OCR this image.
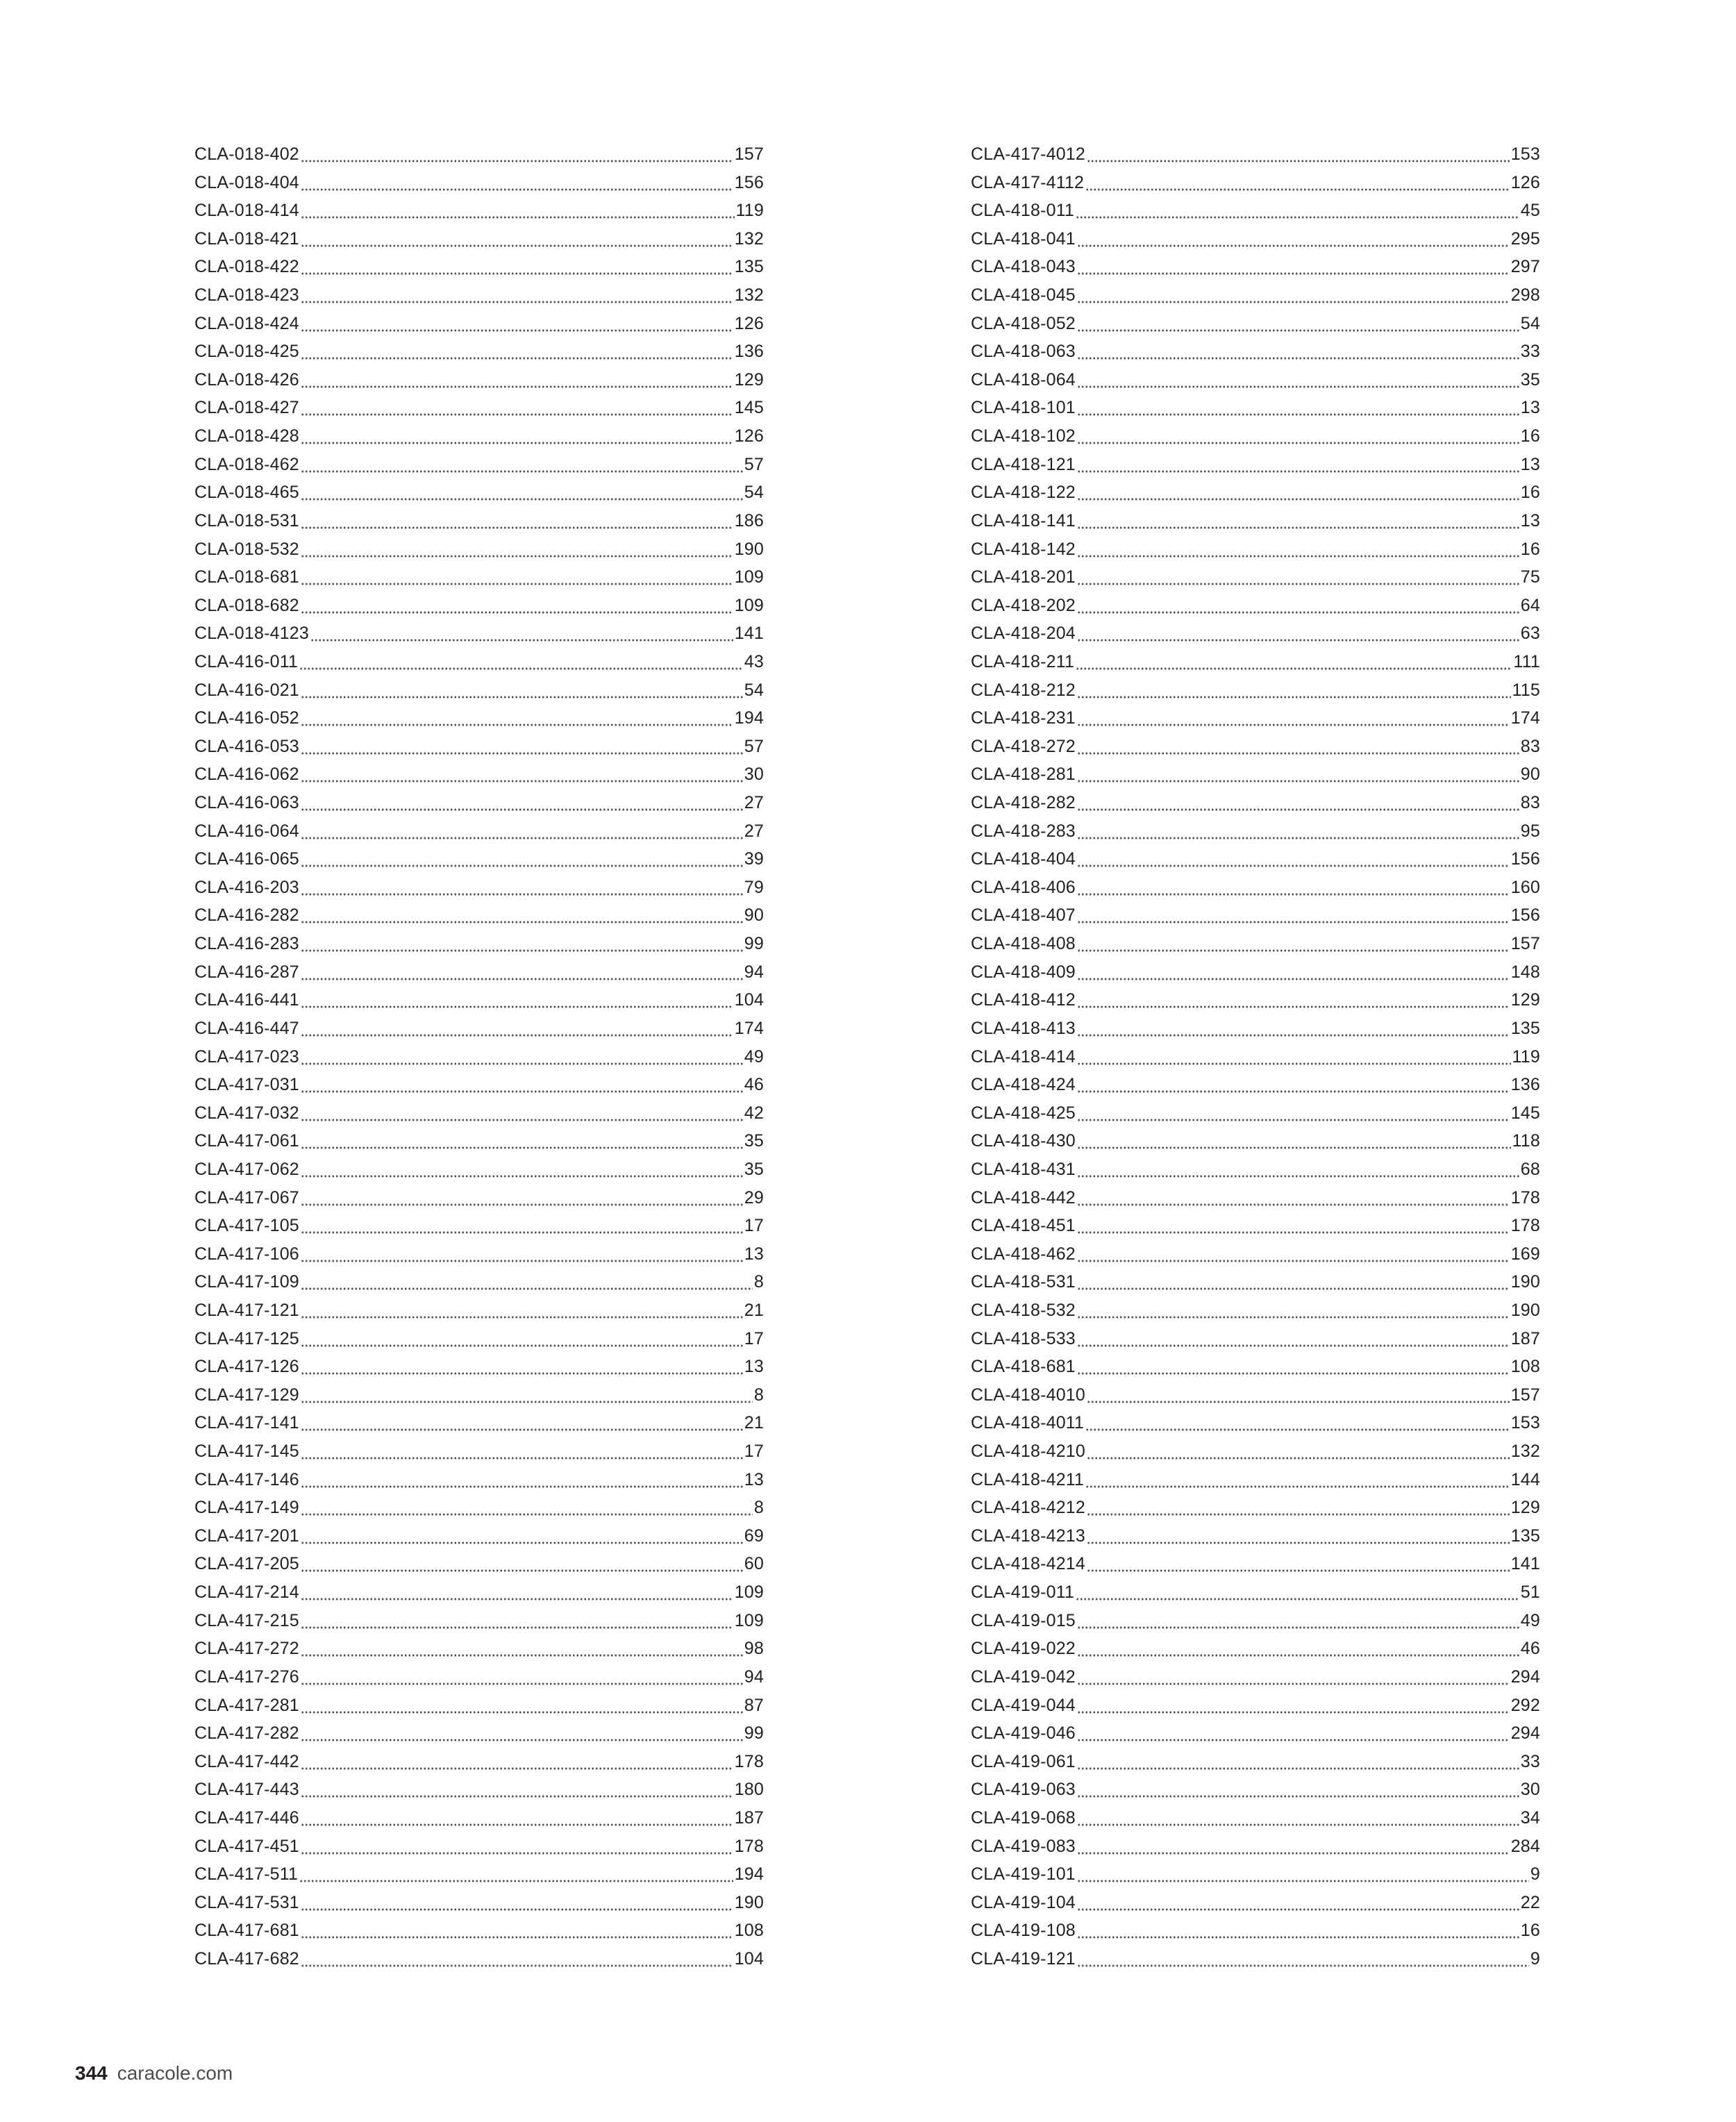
CLA-018-402	157
CLA-018-404	156
CLA-018-414	119
CLA-018-421	132
CLA-018-422	135
CLA-018-423	132
CLA-018-424	126
CLA-018-425	136
CLA-018-426	129
CLA-018-427	145
CLA-018-428	126
CLA-018-462	57
CLA-018-465	54
CLA-018-531	186
CLA-018-532	190
CLA-018-681	109
CLA-018-682	109
CLA-018-4123	141
CLA-416-011	43
CLA-416-021	54
CLA-416-052	194
CLA-416-053	57
CLA-416-062	30
CLA-416-063	27
CLA-416-064	27
CLA-416-065	39
CLA-416-203	79
CLA-416-282	90
CLA-416-283	99
CLA-416-287	94
CLA-416-441	104
CLA-416-447	174
CLA-417-023	49
CLA-417-031	46
CLA-417-032	42
CLA-417-061	35
CLA-417-062	35
CLA-417-067	29
CLA-417-105	17
CLA-417-106	13
CLA-417-109	8
CLA-417-121	21
CLA-417-125	17
CLA-417-126	13
CLA-417-129	8
CLA-417-141	21
CLA-417-145	17
CLA-417-146	13
CLA-417-149	8
CLA-417-201	69
CLA-417-205	60
CLA-417-214	109
CLA-417-215	109
CLA-417-272	98
CLA-417-276	94
CLA-417-281	87
CLA-417-282	99
CLA-417-442	178
CLA-417-443	180
CLA-417-446	187
CLA-417-451	178
CLA-417-511	194
CLA-417-531	190
CLA-417-681	108
CLA-417-682	104
CLA-417-4012	153
CLA-417-4112	126
CLA-418-011	45
CLA-418-041	295
CLA-418-043	297
CLA-418-045	298
CLA-418-052	54
CLA-418-063	33
CLA-418-064	35
CLA-418-101	13
CLA-418-102	16
CLA-418-121	13
CLA-418-122	16
CLA-418-141	13
CLA-418-142	16
CLA-418-201	75
CLA-418-202	64
CLA-418-204	63
CLA-418-211	111
CLA-418-212	115
CLA-418-231	174
CLA-418-272	83
CLA-418-281	90
CLA-418-282	83
CLA-418-283	95
CLA-418-404	156
CLA-418-406	160
CLA-418-407	156
CLA-418-408	157
CLA-418-409	148
CLA-418-412	129
CLA-418-413	135
CLA-418-414	119
CLA-418-424	136
CLA-418-425	145
CLA-418-430	118
CLA-418-431	68
CLA-418-442	178
CLA-418-451	178
CLA-418-462	169
CLA-418-531	190
CLA-418-532	190
CLA-418-533	187
CLA-418-681	108
CLA-418-4010	157
CLA-418-4011	153
CLA-418-4210	132
CLA-418-4211	144
CLA-418-4212	129
CLA-418-4213	135
CLA-418-4214	141
CLA-419-011	51
CLA-419-015	49
CLA-419-022	46
CLA-419-042	294
CLA-419-044	292
CLA-419-046	294
CLA-419-061	33
CLA-419-063	30
CLA-419-068	34
CLA-419-083	284
CLA-419-101	9
CLA-419-104	22
CLA-419-108	16
CLA-419-121	9
344 caracole.com
